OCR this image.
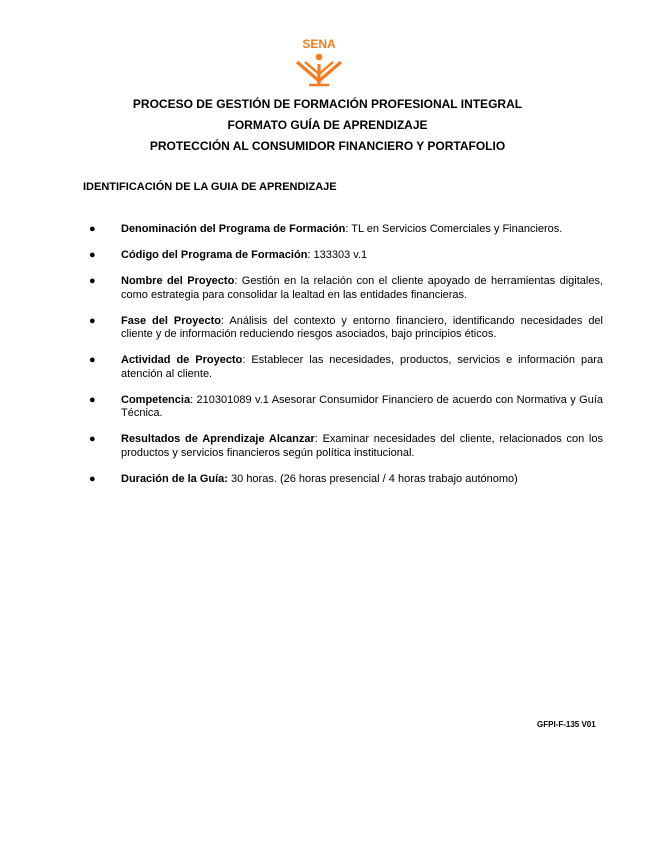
SENA
PROCESO DE GESTIÓN DE FORMACIÓN PROFESIONAL INTEGRAL
FORMATO GUÍA DE APRENDIZAJE
PROTECCIÓN AL CONSUMIDOR FINANCIERO Y PORTAFOLIO
IDENTIFICACIÓN DE LA GUIA DE APRENDIZAJE
● Denominación del Programa de Formación: TL en Servicios Comerciales y Financieros.
● Código del Programa de Formación: 133303 v.1
● Nombre del Proyecto: Gestión en la relación con el cliente apoyado de herramientas digitales, como estrategia para consolidar la lealtad en las entidades financieras.
● Fase del Proyecto: Análisis del contexto y entorno financiero, identificando necesidades del cliente y de información reduciendo riesgos asociados, bajo principios éticos.
● Actividad de Proyecto: Establecer las necesidades, productos, servicios e información para atención al cliente.
● Competencia: 210301089 v.1 Asesorar Consumidor Financiero de acuerdo con Normativa y Guía Técnica.
● Resultados de Aprendizaje Alcanzar: Examinar necesidades del cliente, relacionados con los productos y servicios financieros según política institucional.
● Duración de la Guía: 30 horas. (26 horas presencial / 4 horas trabajo autónomo)
GFPI-F-135 V01
